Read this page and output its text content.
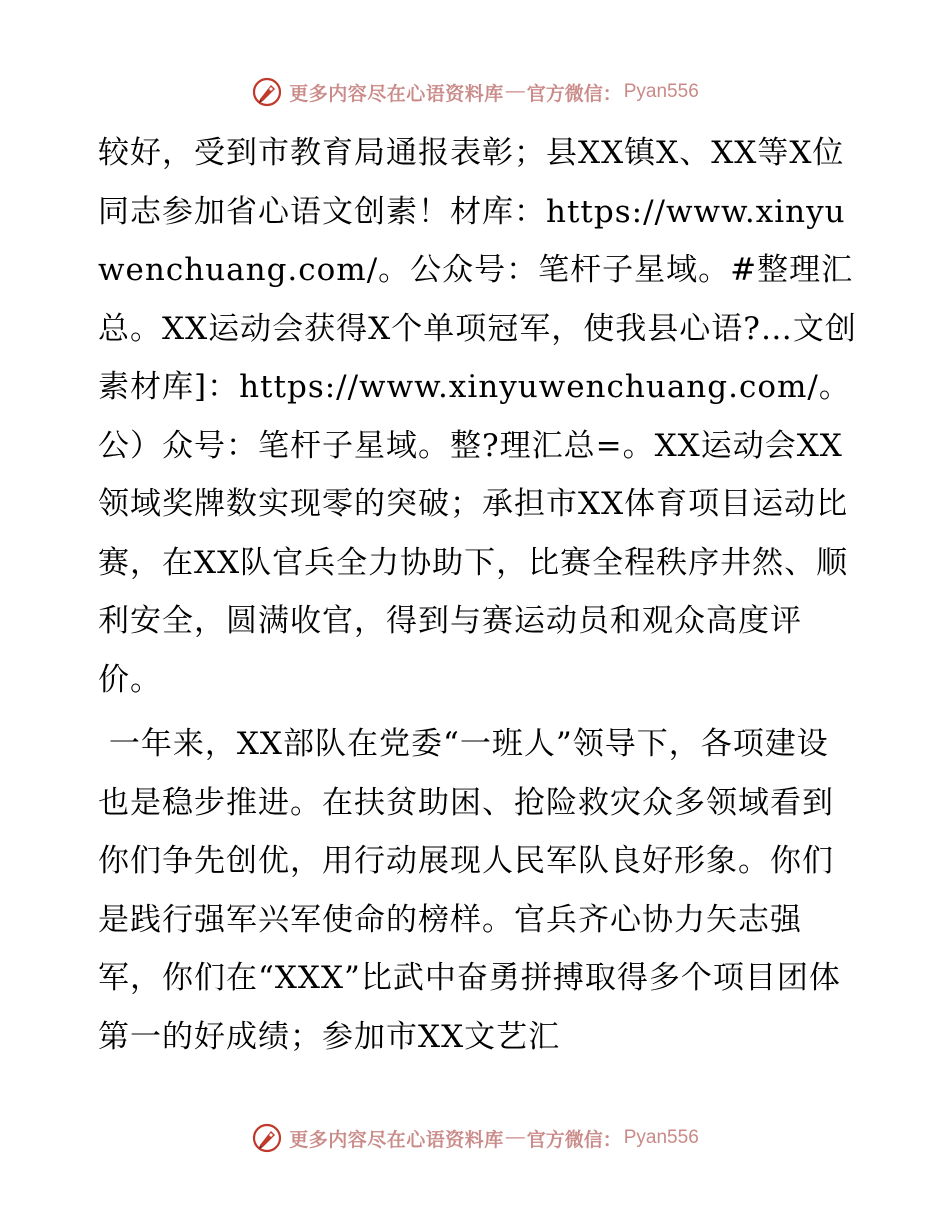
更多内容尽在心语资料库 — 官方微信： Pyan556

较好，受到市教育局通报表彰；县XX镇X、XX等X位同志参加省心语文创素！材库：https://www.xinyuwenchuang.com/。公众号：笔杆子星域。#整理汇总。XX运动会获得X个单项冠军，使我县心语?…文创素材库]：https://www.xinyuwenchuang.com/。公）众号：笔杆子星域。整?理汇总=。XX运动会XX领域奖牌数实现零的突破；承担市XX体育项目运动比赛，在XX队官兵全力协助下，比赛全程秩序井然、顺利安全，圆满收官，得到与赛运动员和观众高度评价。

一年来，XX部队在党委“一班人”领导下，各项建设也是稳步推进。在扶贫助困、抢险救灾众多领域看到你们争先创优，用行动展现人民军队良好形象。你们是践行强军兴军使命的榜样。官兵齐心协力矢志强军，你们在“XXX”比武中奋勇拼搏取得多个项目团体第一的好成绩；参加市XX文艺汇

更多内容尽在心语资料库 — 官方微信： Pyan556
